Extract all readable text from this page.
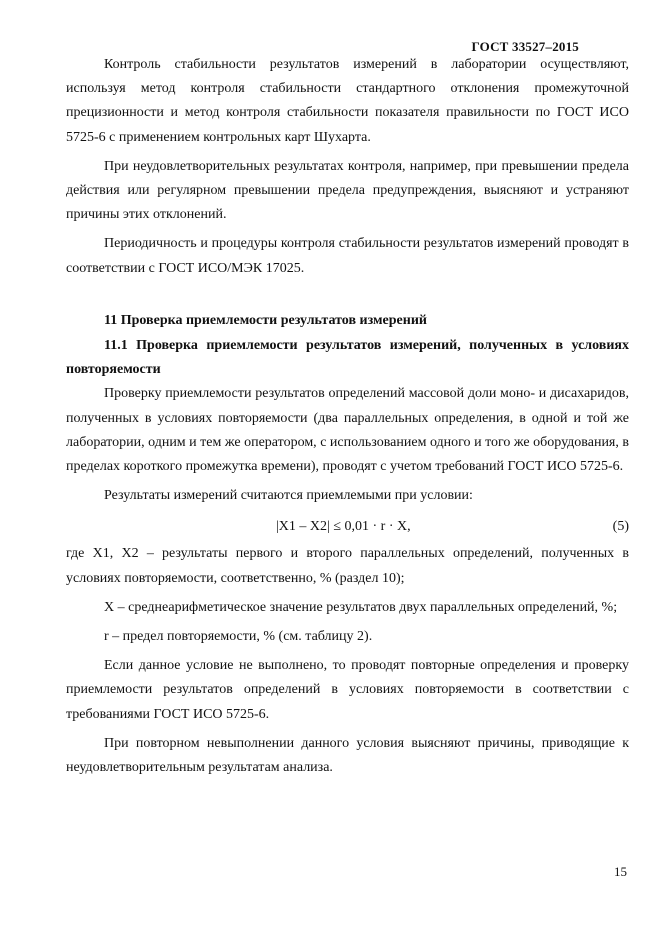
ГОСТ 33527–2015

Контроль стабильности результатов измерений в лаборатории осуществляют, используя метод контроля стабильности стандартного отклонения промежуточной прецизионности и метод контроля стабильности показателя правильности по ГОСТ ИСО 5725-6 с применением контрольных карт Шухарта.

При неудовлетворительных результатах контроля, например, при превышении предела действия или регулярном превышении предела предупреждения, выясняют и устраняют причины этих отклонений.

Периодичность и процедуры контроля стабильности результатов измерений проводят в соответствии с ГОСТ ИСО/МЭК 17025.

11 Проверка приемлемости результатов измерений

11.1 Проверка приемлемости результатов измерений, полученных в условиях повторяемости

Проверку приемлемости результатов определений массовой доли моно- и дисахаридов, полученных в условиях повторяемости (два параллельных определения, в одной и той же лаборатории, одним и тем же оператором, с использованием одного и того же оборудования, в пределах короткого промежутка времени), проводят с учетом требований ГОСТ ИСО 5725-6.

Результаты измерений считаются приемлемыми при условии:

|X1 – X2| ≤ 0,01 · r · X,	(5)

где X1, X2 – результаты первого и второго параллельных определений, полученных в условиях повторяемости, соответственно, % (раздел 10);

X – среднеарифметическое значение результатов двух параллельных определений, %;

r – предел повторяемости, % (см. таблицу 2).

Если данное условие не выполнено, то проводят повторные определения и проверку приемлемости результатов определений в условиях повторяемости в соответствии с требованиями ГОСТ ИСО 5725-6.

При повторном невыполнении данного условия выясняют причины, приводящие к неудовлетворительным результатам анализа.

15
